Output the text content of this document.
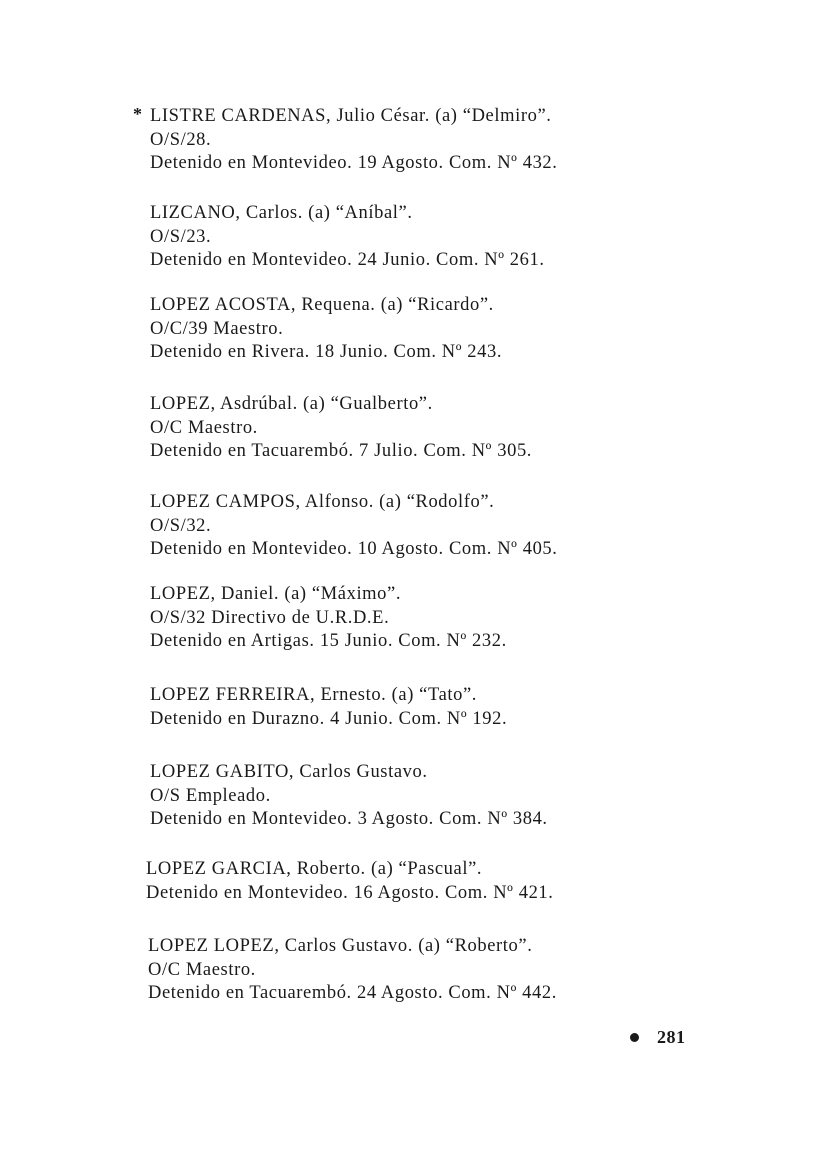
* LISTRE CARDENAS, Julio César. (a) “Delmiro”.
O/S/28.
Detenido en Montevideo. 19 Agosto. Com. Nº 432.
LIZCANO, Carlos. (a) “Aníbal”.
O/S/23.
Detenido en Montevideo. 24 Junio. Com. Nº 261.
LOPEZ ACOSTA, Requena. (a) “Ricardo”.
O/C/39 Maestro.
Detenido en Rivera. 18 Junio. Com. Nº 243.
LOPEZ, Asdrúbal. (a) “Gualberto”.
O/C Maestro.
Detenido en Tacuarembó. 7 Julio. Com. Nº 305.
LOPEZ CAMPOS, Alfonso. (a) “Rodolfo”.
O/S/32.
Detenido en Montevideo. 10 Agosto. Com. Nº 405.
LOPEZ, Daniel. (a) “Máximo”.
O/S/32 Directivo de U.R.D.E.
Detenido en Artigas. 15 Junio. Com. Nº 232.
LOPEZ FERREIRA, Ernesto. (a) “Tato”.
Detenido en Durazno. 4 Junio. Com. Nº 192.
LOPEZ GABITO, Carlos Gustavo.
O/S Empleado.
Detenido en Montevideo. 3 Agosto. Com. Nº 384.
LOPEZ GARCIA, Roberto. (a) “Pascual”.
Detenido en Montevideo. 16 Agosto. Com. Nº 421.
LOPEZ LOPEZ, Carlos Gustavo. (a) “Roberto”.
O/C Maestro.
Detenido en Tacuarembó. 24 Agosto. Com. Nº 442.
281
